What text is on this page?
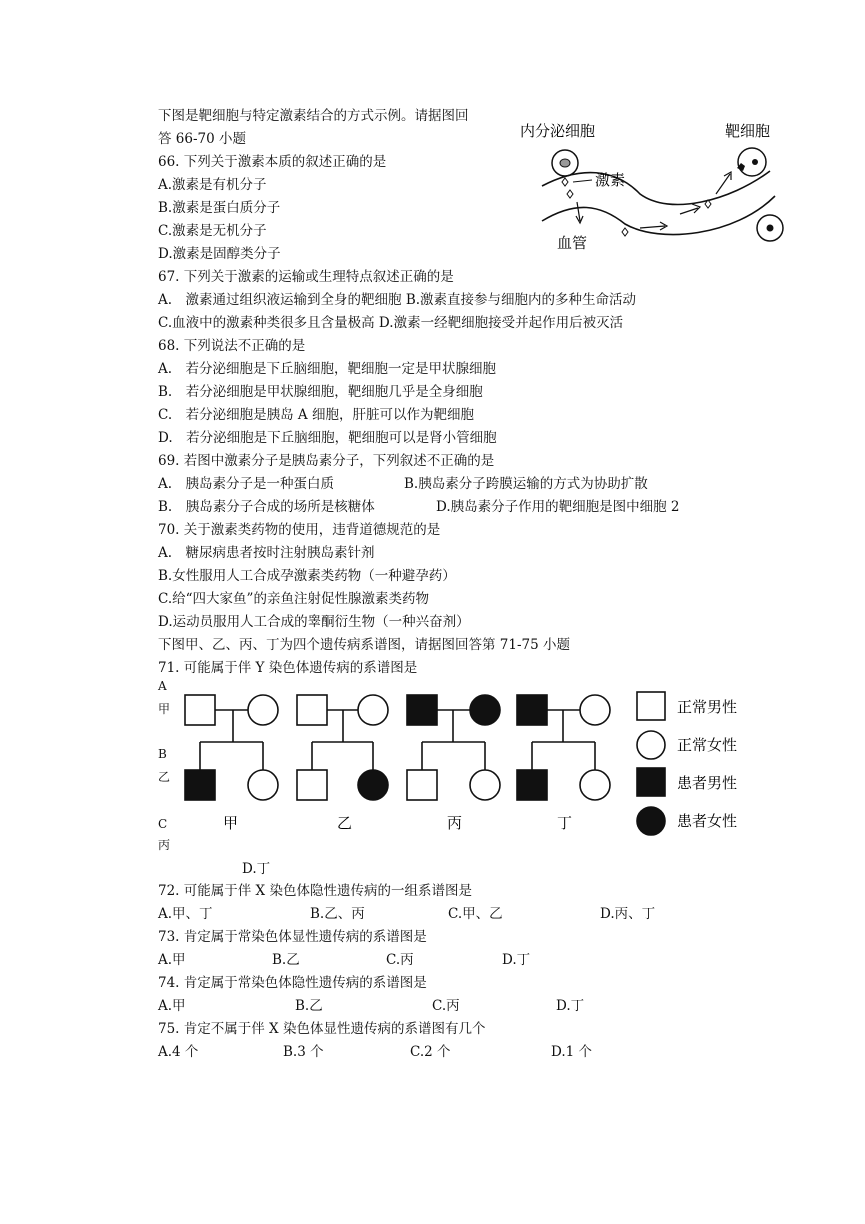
下图是靶细胞与特定激素结合的方式示例。请据图回
答 66-70 小题
66. 下列关于激素本质的叙述正确的是
A.激素是有机分子
B.激素是蛋白质分子
C.激素是无机分子
D.激素是固醇类分子
67. 下列关于激素的运输或生理特点叙述正确的是
A.　激素通过组织液运输到全身的靶细胞 B.激素直接参与细胞内的多种生命活动
C.血液中的激素种类很多且含量极高 D.激素一经靶细胞接受并起作用后被灭活
68. 下列说法不正确的是
A.　若分泌细胞是下丘脑细胞，靶细胞一定是甲状腺细胞
B.　若分泌细胞是甲状腺细胞，靶细胞几乎是全身细胞
C.　若分泌细胞是胰岛 A 细胞，肝脏可以作为靶细胞
D.　若分泌细胞是下丘脑细胞，靶细胞可以是肾小管细胞
69. 若图中激素分子是胰岛素分子，下列叙述不正确的是
A.　胰岛素分子是一种蛋白质	B.胰岛素分子跨膜运输的方式为协助扩散
B.　胰岛素分子合成的场所是核糖体	D.胰岛素分子作用的靶细胞是图中细胞 2
70. 关于激素类药物的使用，违背道德规范的是
A.　糖尿病患者按时注射胰岛素针剂
B.女性服用人工合成孕激素类药物（一种避孕药）
C.给“四大家鱼”的亲鱼注射促性腺激素类药物
D.运动员服用人工合成的睾酮衍生物（一种兴奋剂）
下图甲、乙、丙、丁为四个遗传病系谱图，请据图回答第 71-75 小题
71. 可能属于伴 Y 染色体遗传病的系谱图是
内分泌细胞	靶细胞
激素
血管
A
甲
B
乙
C
丙
D.丁
甲	乙	丙	丁
正常男性
正常女性
患者男性
患者女性
72. 可能属于伴 X 染色体隐性遗传病的一组系谱图是
A.甲、丁	B.乙、丙	C.甲、乙	D.丙、丁
73. 肯定属于常染色体显性遗传病的系谱图是
A.甲	B.乙	C.丙	D.丁
74. 肯定属于常染色体隐性遗传病的系谱图是
A.甲	B.乙	C.丙	D.丁
75. 肯定不属于伴 X 染色体显性遗传病的系谱图有几个
A.4 个	B.3 个	C.2 个	D.1 个
